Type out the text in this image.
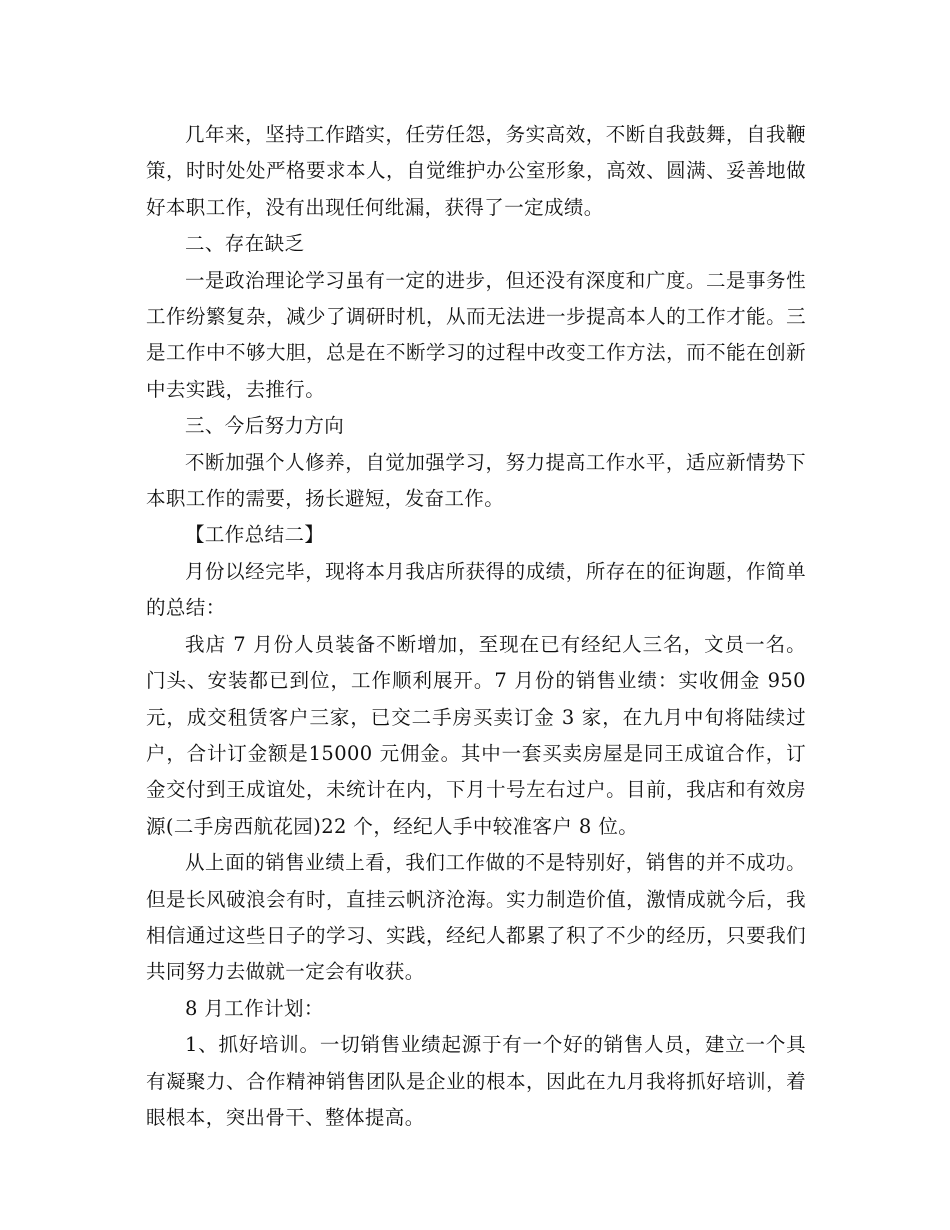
几年来，坚持工作踏实，任劳任怨，务实高效，不断自我鼓舞，自我鞭策，时时处处严格要求本人，自觉维护办公室形象，高效、圆满、妥善地做好本职工作，没有出现任何纰漏，获得了一定成绩。

二、存在缺乏

一是政治理论学习虽有一定的进步，但还没有深度和广度。二是事务性工作纷繁复杂，减少了调研时机，从而无法进一步提高本人的工作才能。三是工作中不够大胆，总是在不断学习的过程中改变工作方法，而不能在创新中去实践，去推行。

三、今后努力方向

不断加强个人修养，自觉加强学习，努力提高工作水平，适应新情势下本职工作的需要，扬长避短，发奋工作。

【工作总结二】

月份以经完毕，现将本月我店所获得的成绩，所存在的征询题，作简单的总结：

我店 7 月份人员装备不断增加，至现在已有经纪人三名，文员一名。门头、安装都已到位，工作顺利展开。7 月份的销售业绩：实收佣金 950 元，成交租赁客户三家，已交二手房买卖订金 3 家，在九月中旬将陆续过户，合计订金额是15000 元佣金。其中一套买卖房屋是同王成谊合作，订金交付到王成谊处，未统计在内，下月十号左右过户。目前，我店和有效房源(二手房西航花园)22 个，经纪人手中较准客户 8 位。

从上面的销售业绩上看，我们工作做的不是特别好，销售的并不成功。但是长风破浪会有时，直挂云帆济沧海。实力制造价值，激情成就今后，我相信通过这些日子的学习、实践，经纪人都累了积了不少的经历，只要我们共同努力去做就一定会有收获。

8 月工作计划：

1、抓好培训。一切销售业绩起源于有一个好的销售人员，建立一个具有凝聚力、合作精神销售团队是企业的根本，因此在九月我将抓好培训，着眼根本，突出骨干、整体提高。
